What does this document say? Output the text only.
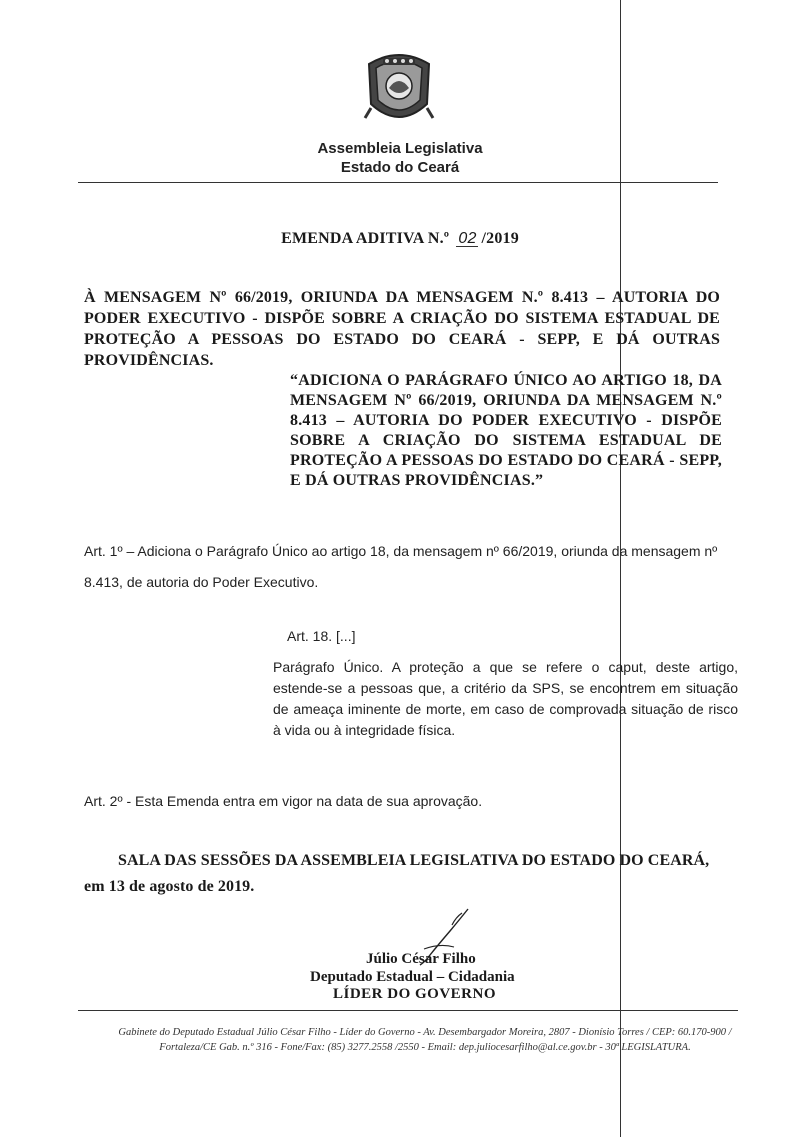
Assembleia Legislativa
Estado do Ceará
EMENDA ADITIVA N.º 02 /2019
À MENSAGEM Nº 66/2019, ORIUNDA DA MENSAGEM N.º 8.413 – AUTORIA DO PODER EXECUTIVO - DISPÕE SOBRE A CRIAÇÃO DO SISTEMA ESTADUAL DE PROTEÇÃO A PESSOAS DO ESTADO DO CEARÁ - SEPP, E DÁ OUTRAS PROVIDÊNCIAS.
“ADICIONA O PARÁGRAFO ÚNICO AO ARTIGO 18, DA MENSAGEM Nº 66/2019, ORIUNDA DA MENSAGEM N.º 8.413 – AUTORIA DO PODER EXECUTIVO - DISPÕE SOBRE A CRIAÇÃO DO SISTEMA ESTADUAL DE PROTEÇÃO A PESSOAS DO ESTADO DO CEARÁ - SEPP, E DÁ OUTRAS PROVIDÊNCIAS.”
Art. 1º – Adiciona o Parágrafo Único ao artigo 18, da mensagem nº 66/2019, oriunda da mensagem nº 8.413, de autoria do Poder Executivo.
Art. 18. [...]
Parágrafo Único. A proteção a que se refere o caput, deste artigo, estende-se a pessoas que, a critério da SPS, se encontrem em situação de ameaça iminente de morte, em caso de comprovada situação de risco à vida ou à integridade física.
Art. 2º - Esta Emenda entra em vigor na data de sua aprovação.
SALA DAS SESSÕES DA ASSEMBLEIA LEGISLATIVA DO ESTADO DO CEARÁ, em 13 de agosto de 2019.
Júlio César Filho
Deputado Estadual – Cidadania
LÍDER DO GOVERNO
Gabinete do Deputado Estadual Júlio César Filho - Líder do Governo - Av. Desembargador Moreira, 2807 - Dionísio Torres / CEP: 60.170-900 /
Fortaleza/CE Gab. n.º 316 - Fone/Fax: (85) 3277.2558 /2550 - Email: dep.juliocesarfilho@al.ce.gov.br - 30ª LEGISLATURA.
